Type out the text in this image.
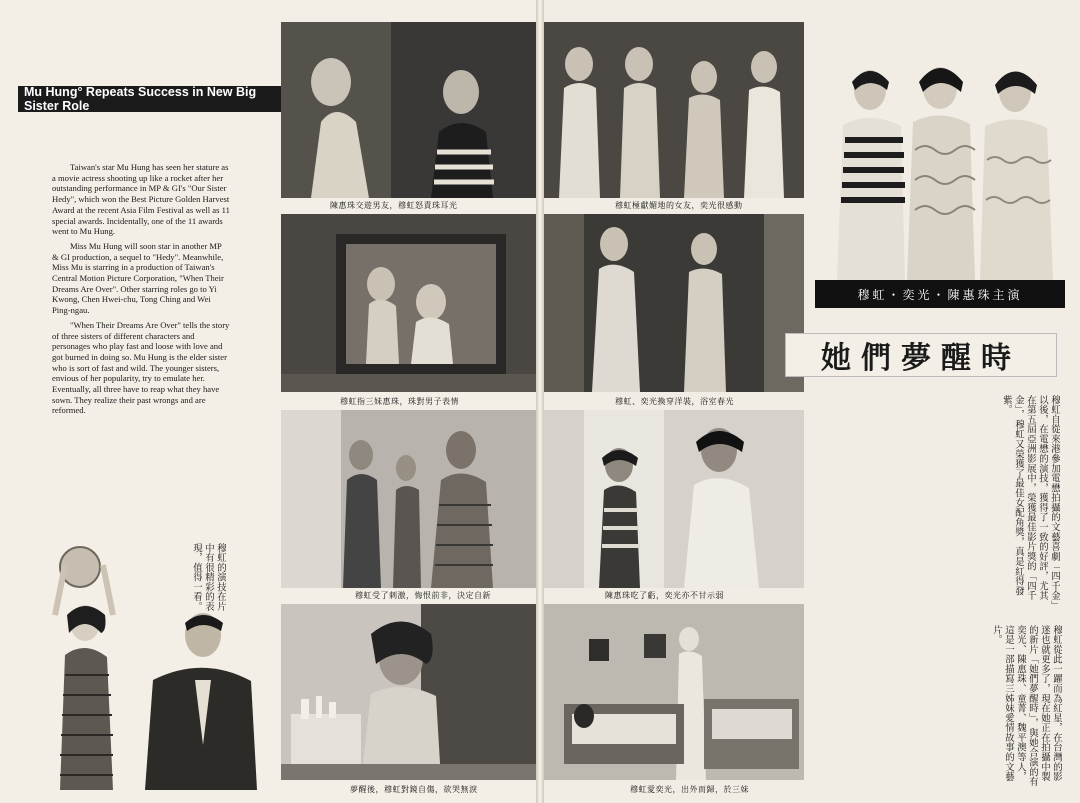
Mu Hung° Repeats Success in New Big Sister Role

Taiwan's star Mu Hung has seen her stature as a movie actress shooting up like a rocket after her outstanding performance in MP & GI's "Our Sister Hedy", which won the Best Picture Golden Harvest Award at the recent Asia Film Festival as well as 11 special awards. Incidentally, one of the 11 awards went to Mu Hung.

Miss Mu Hung will soon star in another MP & GI production, a sequel to "Hedy". Meanwhile, Miss Mu is starring in a production of Taiwan's Central Motion Picture Corporation, "When Their Dreams Are Over". Other starring roles go to Yi Kwong, Chen Hwei-chu, Tong Ching and Wei Ping-ngau.

"When Their Dreams Are Over" tells the story of three sisters of different characters and personages who play fast and loose with love and got burned in doing so. Mu Hung is the elder sister who is sort of fast and wild. The younger sisters, envious of her popularity, try to emulate her. Eventually, all three have to reap what they have sown. They realize their past wrongs and are reformed.

陳惠珠交遊男友，穆虹怒責珠耳光
穆虹指三妹惠珠，珠對男子表情
穆虹受了刺激，悔恨前非，決定自新
夢醒後，穆虹對鏡自傷，欲哭無淚
穆虹的演技在片中有很精彩的表現，值得一看。
穆虹極獻媚地的女友，奕光很感動
穆虹、奕光換穿洋裝，浴室春光
陳惠珠吃了虧，奕光亦不甘示弱
穆虹愛奕光，出外而歸，於三妹
穆虹・奕光・陳惠珠主演
她們夢醒時
穆虹自從來港參加電懋拍攝的文藝喜劇「四千金」以後，在電懋的演技，獲得了一致的好評，尤其在第五屆亞洲影展中，榮獲最佳影片獎的「四千金」，穆虹又榮獲了最佳女配角獎，真是紅得發紫。
穆虹從此一躍而為紅星，在台灣的影迷也就更多了，現在她正在拍攝中製的新片「她們夢醒時」，與她合演的有奕光、陳惠珠、童菁、魏平澳等人，這是一部描寫三姊妹愛情故事的文藝片。
